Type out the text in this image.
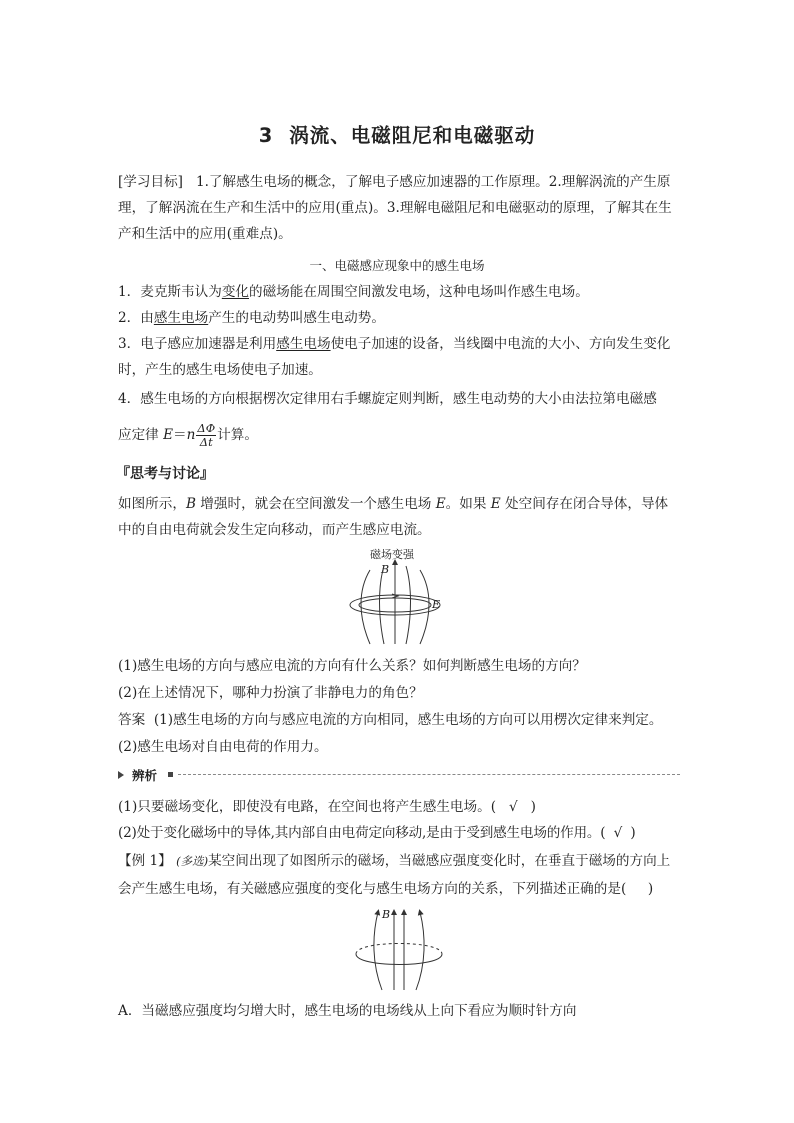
3 涡流、电磁阻尼和电磁驱动
[学习目标] 1.了解感生电场的概念，了解电子感应加速器的工作原理。2.理解涡流的产生原理，了解涡流在生产和生活中的应用(重点)。3.理解电磁阻尼和电磁驱动的原理，了解其在生产和生活中的应用(重难点)。
一、电磁感应现象中的感生电场
1．麦克斯韦认为变化的磁场能在周围空间激发电场，这种电场叫作感生电场。
2．由感生电场产生的电动势叫感生电动势。
3．电子感应加速器是利用感生电场使电子加速的设备，当线圈中电流的大小、方向发生变化时，产生的感生电场使电子加速。
4．感生电场的方向根据楞次定律用右手螺旋定则判断，感生电动势的大小由法拉第电磁感
应定律 $E=n \frac{\Delta\Phi}{\Delta t}$ 计算。
『思考与讨论』
如图所示，B 增强时，就会在空间激发一个感生电场 E。如果 E 处空间存在闭合导体，导体
中的自由电荷就会发生定向移动，而产生感应电流。
磁场变强
B
E
(1)感生电场的方向与感应电流的方向有什么关系？如何判断感生电场的方向？
(2)在上述情况下，哪种力扮演了非静电力的角色？
答案 (1)感生电场的方向与感应电流的方向相同，感生电场的方向可以用楞次定律来判定。
(2)感生电场对自由电荷的作用力。
辨析
(1)只要磁场变化，即使没有电路，在空间也将产生感生电场。( √ )
(2)处于变化磁场中的导体,其内部自由电荷定向移动,是由于受到感生电场的作用。( √ )
【例 1】 (多选)某空间出现了如图所示的磁场，当磁感应强度变化时，在垂直于磁场的方向上
会产生感生电场，有关磁感应强度的变化与感生电场方向的关系，下列描述正确的是( )
B
A．当磁感应强度均匀增大时，感生电场的电场线从上向下看应为顺时针方向
